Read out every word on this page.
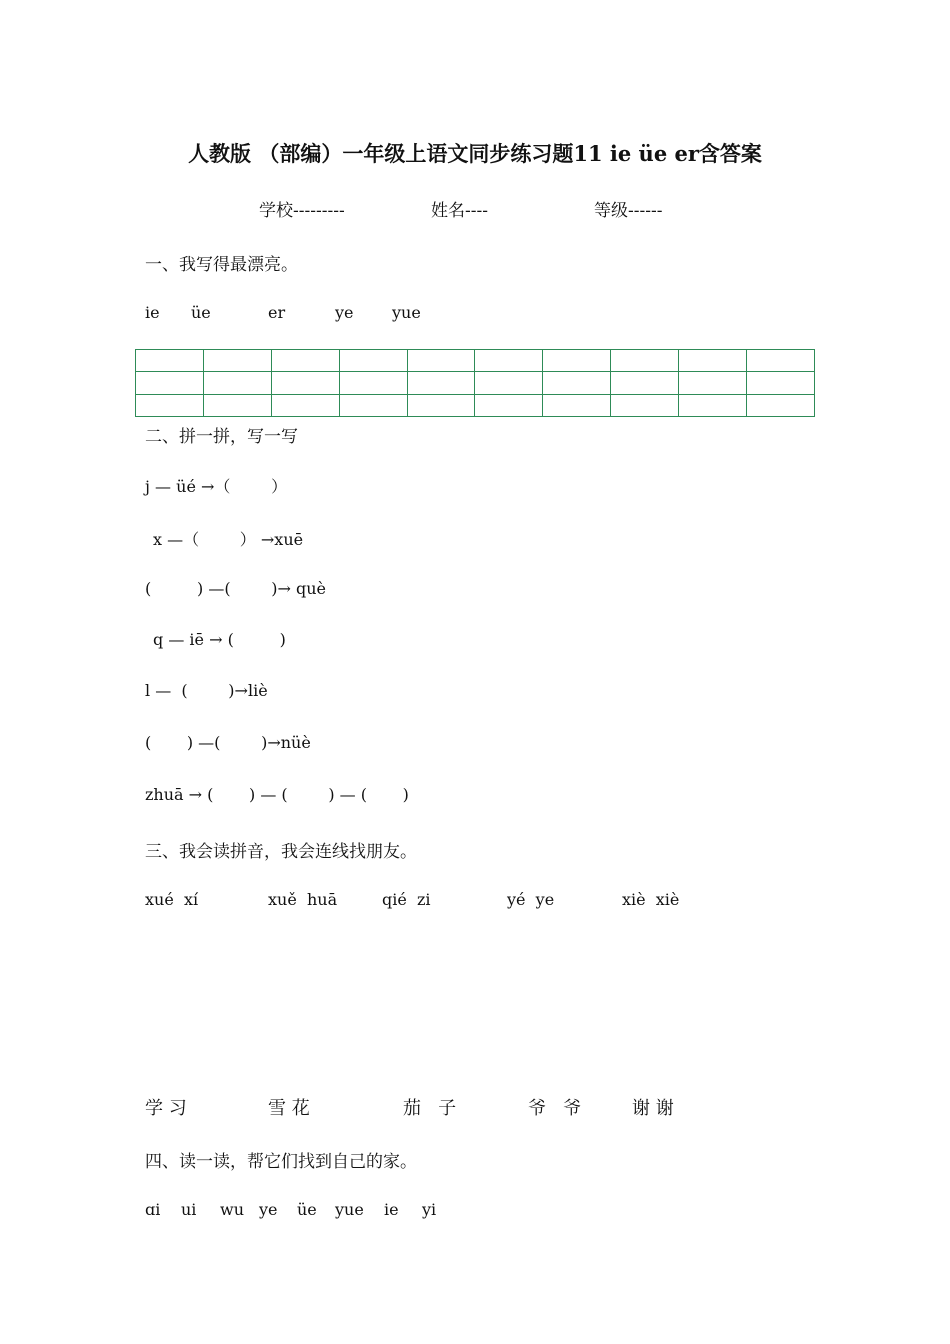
人教版 （部编）一年级上语文同步练习题11 ie üe er含答案
学校---------	姓名----	等级------
一、我写得最漂亮。
ie üe	er	ye yue

二、拼一拼，写一写
j — üé →（        ）
x —（        ） →xuē
(         ) —(        )→ què
q — iē → (         )
l —  (        )→liè
(       ) —(        )→nüè
zhuā → (       ) — (        ) — (       )
三、我会读拼音，我会连线找朋友。
xué  xí	xuě  huā	qié  zi	yé  ye	xiè  xiè
学 习	雪 花	茄   子	爷   爷	谢 谢
四、读一读，帮它们找到自己的家。
ɑi ui wu ye üe yue ie yi
